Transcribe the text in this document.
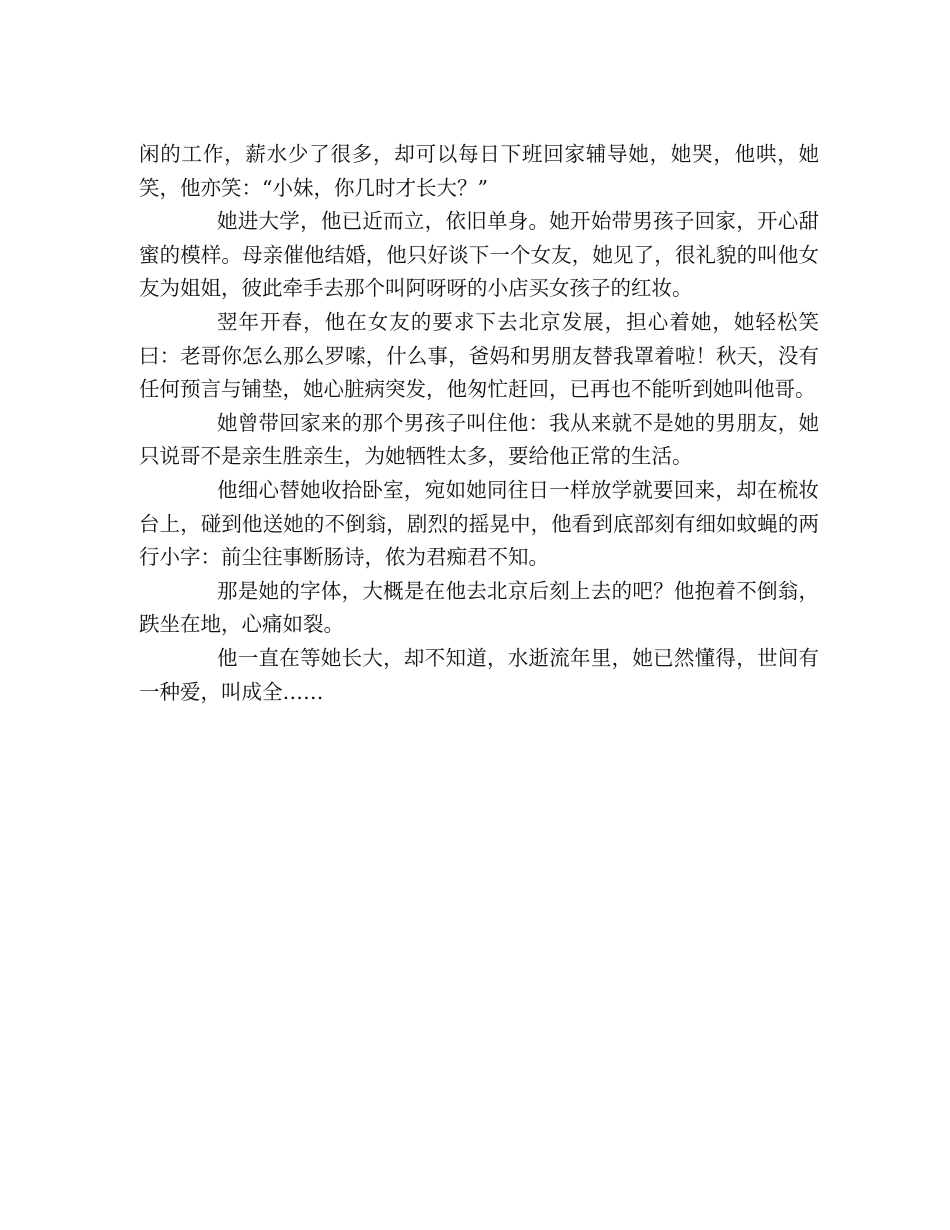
闲的工作，薪水少了很多，却可以每日下班回家辅导她，她哭，他哄，她笑，他亦笑：“小妹，你几时才长大？”

她进大学，他已近而立，依旧单身。她开始带男孩子回家，开心甜蜜的模样。母亲催他结婚，他只好谈下一个女友，她见了，很礼貌的叫他女友为姐姐，彼此牵手去那个叫阿呀呀的小店买女孩子的红妆。

翌年开春，他在女友的要求下去北京发展，担心着她，她轻松笑曰：老哥你怎么那么罗嗦，什么事，爸妈和男朋友替我罩着啦！秋天，没有任何预言与铺垫，她心脏病突发，他匆忙赶回，已再也不能听到她叫他哥。

她曾带回家来的那个男孩子叫住他：我从来就不是她的男朋友，她只说哥不是亲生胜亲生，为她牺牲太多，要给他正常的生活。

他细心替她收拾卧室，宛如她同往日一样放学就要回来，却在梳妆台上，碰到他送她的不倒翁，剧烈的摇晃中，他看到底部刻有细如蚊蝇的两行小字：前尘往事断肠诗，侬为君痴君不知。

那是她的字体，大概是在他去北京后刻上去的吧？他抱着不倒翁，跌坐在地，心痛如裂。

他一直在等她长大，却不知道，水逝流年里，她已然懂得，世间有一种爱，叫成全……
